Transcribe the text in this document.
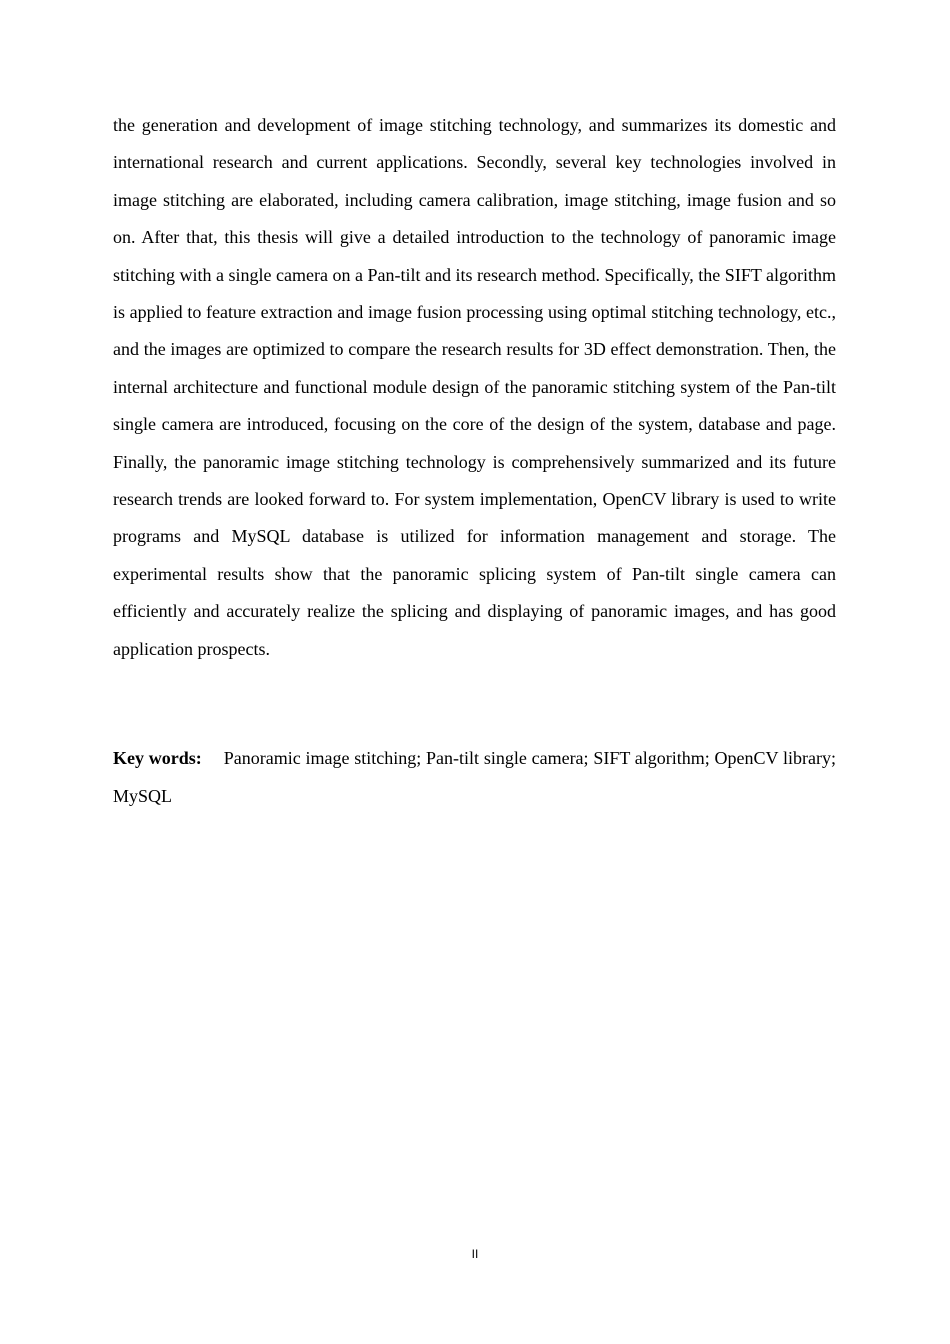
the generation and development of image stitching technology, and summarizes its domestic and international research and current applications. Secondly, several key technologies involved in image stitching are elaborated, including camera calibration, image stitching, image fusion and so on. After that, this thesis will give a detailed introduction to the technology of panoramic image stitching with a single camera on a Pan-tilt and its research method. Specifically, the SIFT algorithm is applied to feature extraction and image fusion processing using optimal stitching technology, etc., and the images are optimized to compare the research results for 3D effect demonstration. Then, the internal architecture and functional module design of the panoramic stitching system of the Pan-tilt single camera are introduced, focusing on the core of the design of the system, database and page. Finally, the panoramic image stitching technology is comprehensively summarized and its future research trends are looked forward to. For system implementation, OpenCV library is used to write programs and MySQL database is utilized for information management and storage. The experimental results show that the panoramic splicing system of Pan-tilt single camera can efficiently and accurately realize the splicing and displaying of panoramic images, and has good application prospects.

Key words: Panoramic image stitching; Pan-tilt single camera; SIFT algorithm; OpenCV library; MySQL

II
